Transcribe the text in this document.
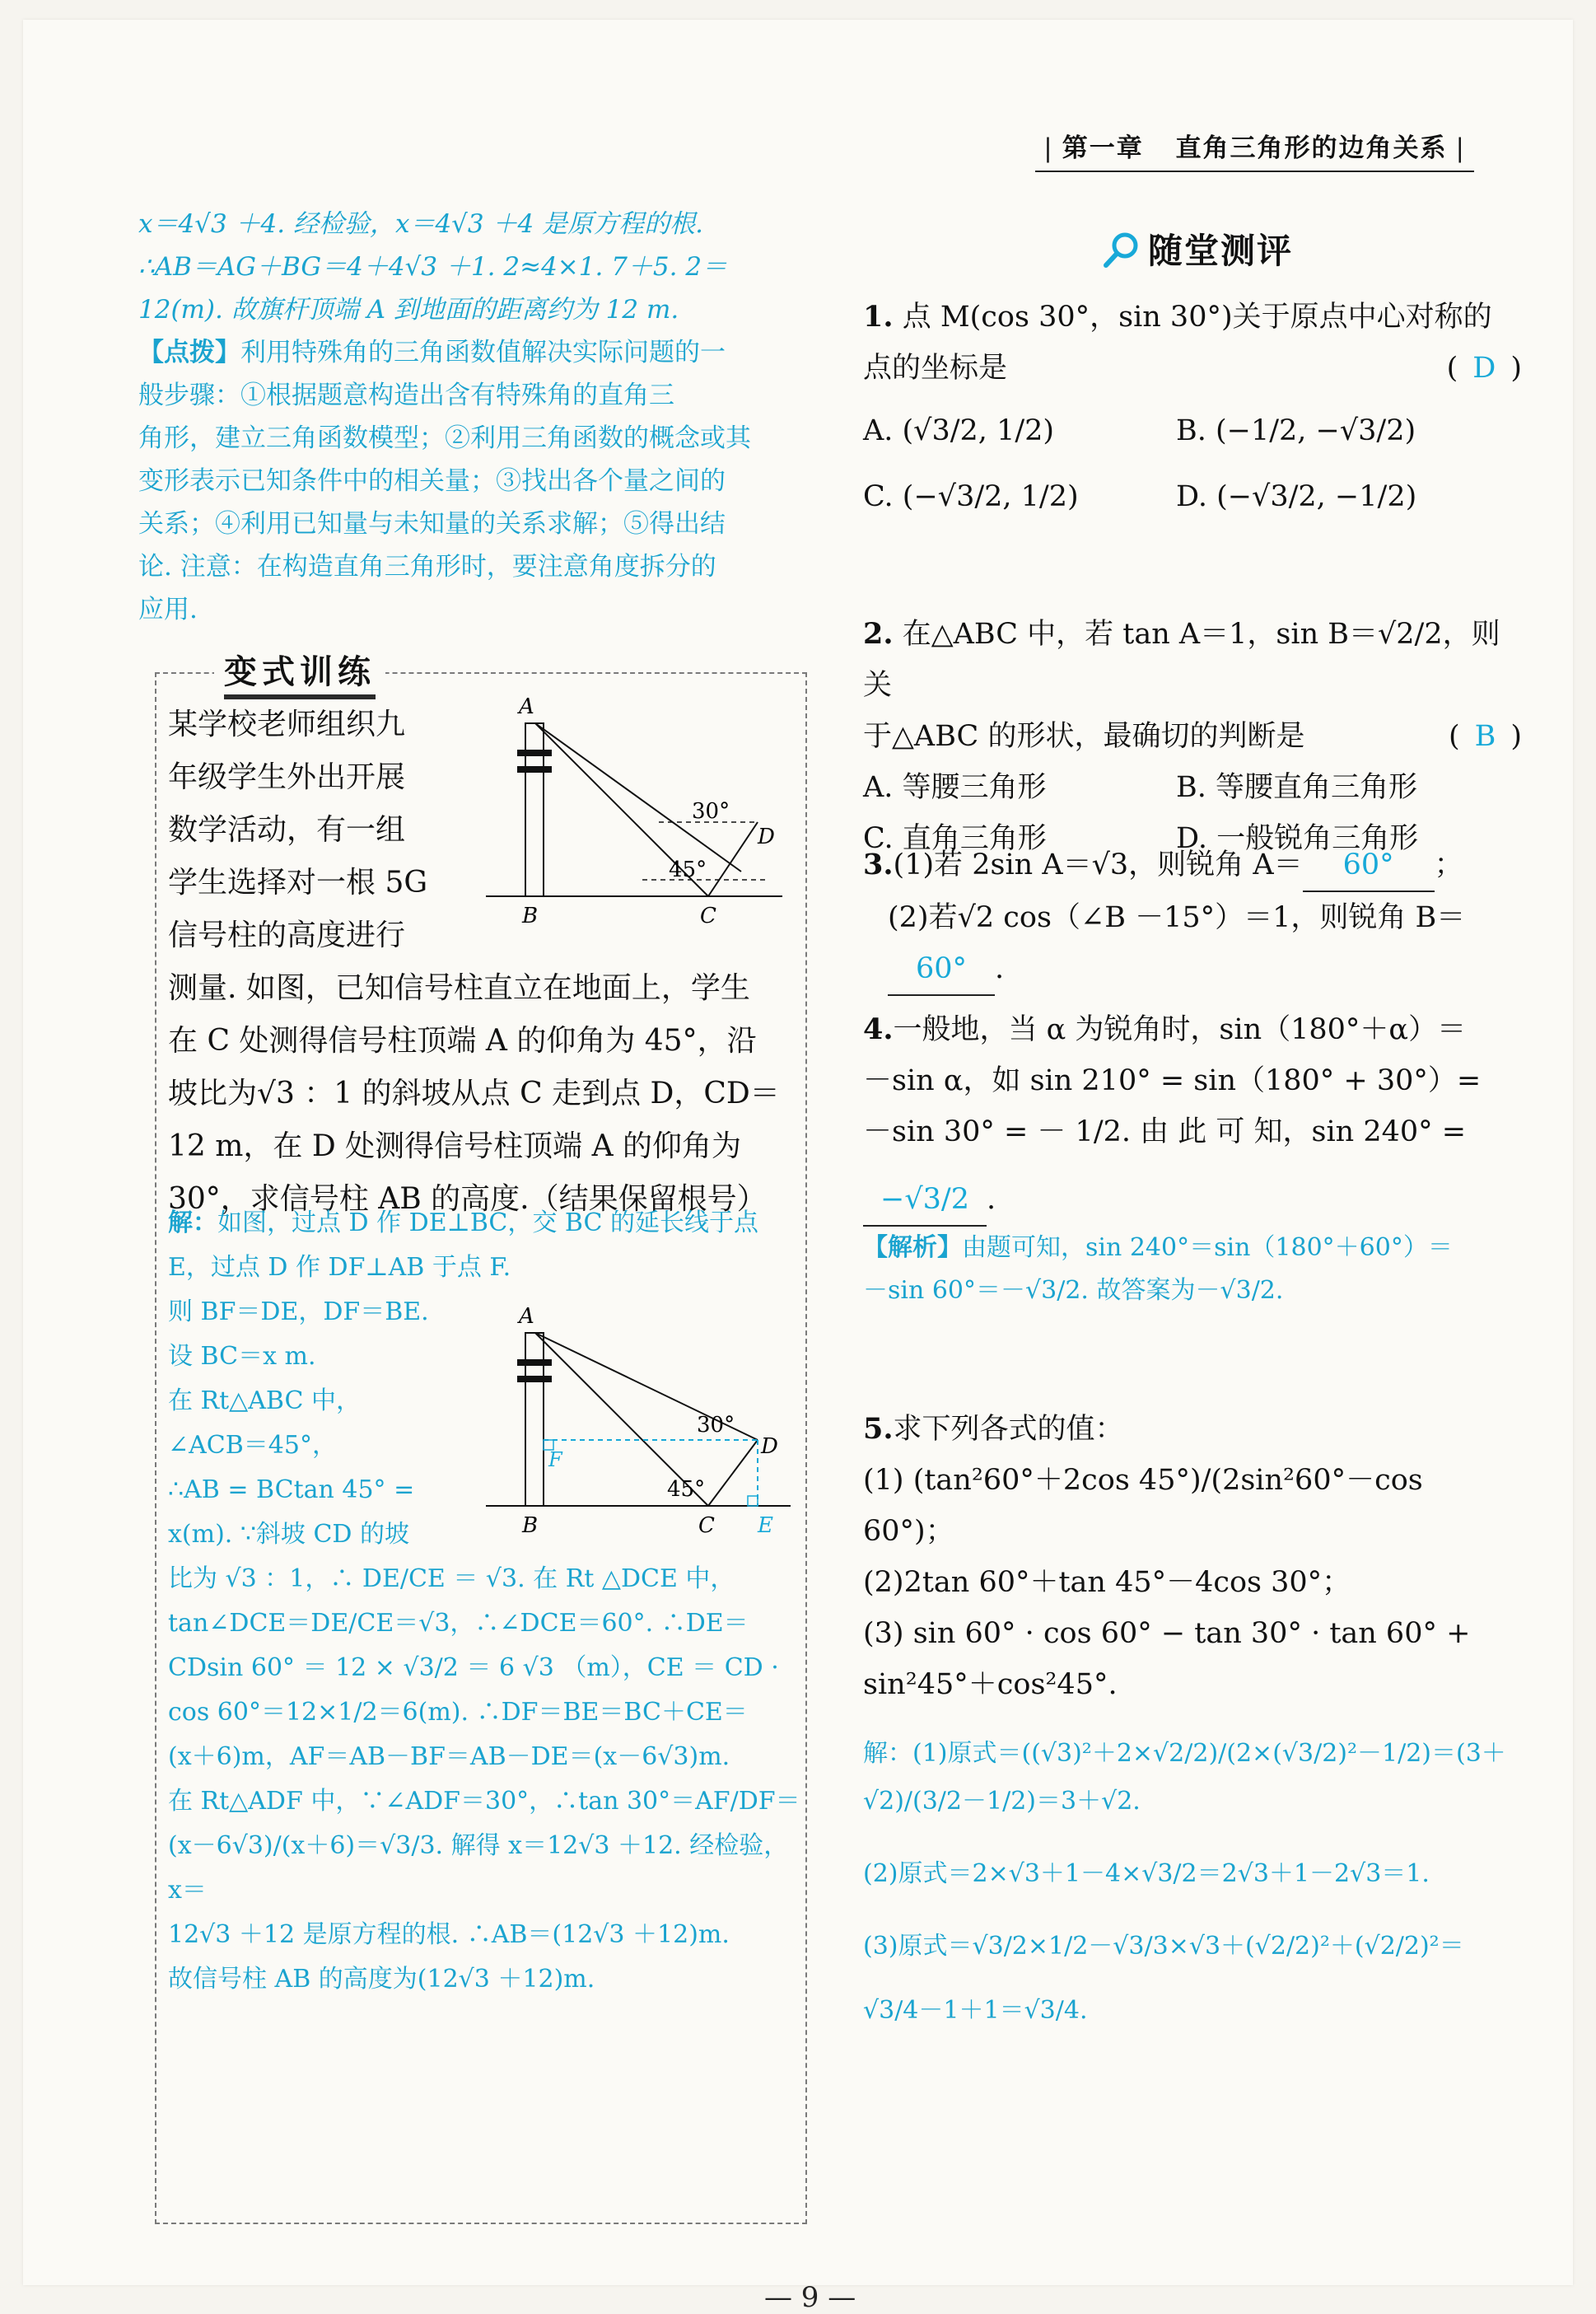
| 第一章 直角三角形的边角关系 |
x＝4√3 ＋4. 经检验，x＝4√3 ＋4 是原方程的根.
∴AB＝AG＋BG＝4＋4√3 ＋1. 2≈4×1. 7＋5. 2＝
12(m). 故旗杆顶端 A 到地面的距离约为 12 m.
【点拨】利用特殊角的三角函数值解决实际问题的一
般步骤：①根据题意构造出含有特殊角的直角三
角形，建立三角函数模型；②利用三角函数的概念或其
变形表示已知条件中的相关量；③找出各个量之间的
关系；④利用已知量与未知量的关系求解；⑤得出结
论. 注意：在构造直角三角形时，要注意角度拆分的
应用.
变式训练
某学校老师组织九
年级学生外出开展
数学活动，有一组
学生选择对一根 5G
信号柱的高度进行
测量. 如图，已知信号柱直立在地面上，学生
在 C 处测得信号柱顶端 A 的仰角为 45°，沿
坡比为√3 ：1 的斜坡从点 C 走到点 D，CD＝
12 m，在 D 处测得信号柱顶端 A 的仰角为
30°，求信号柱 AB 的高度.（结果保留根号）
A
B	C
D
30°
45°
解：如图，过点 D 作 DE⊥BC，交 BC 的延长线于点
E，过点 D 作 DF⊥AB 于点 F.
则 BF＝DE，DF＝BE.
设 BC＝x m.
在 Rt△ABC 中，
∠ACB＝45°，
∴AB = BCtan 45° =
x(m). ∵斜坡 CD 的坡
比为 √3 ：1，∴ DE/CE ＝ √3. 在 Rt △DCE 中，
tan∠DCE＝DE/CE＝√3，∴∠DCE＝60°. ∴DE＝
CDsin 60° ＝ 12 × √3/2 ＝ 6 √3 （m），CE ＝ CD ·
cos 60°＝12×1/2＝6(m). ∴DF＝BE＝BC＋CE＝
(x＋6)m，AF＝AB－BF＝AB－DE＝(x－6√3)m.
在 Rt△ADF 中，∵∠ADF＝30°，∴tan 30°＝AF/DF＝
(x－6√3)/(x＋6)＝√3/3. 解得 x＝12√3 ＋12. 经检验，x＝
12√3 ＋12 是原方程的根. ∴AB＝(12√3 ＋12)m.
故信号柱 AB 的高度为(12√3 ＋12)m.
A
B	C
D
E
F
30°
45°
随堂测评
1. 点 M(cos 30°，sin 30°)关于原点中心对称的
点的坐标是	( D )
A. (√3/2, 1/2)	B. (−1/2, −√3/2)
C. (−√3/2, 1/2)	D. (−√3/2, −1/2)
2. 在△ABC 中，若 tan A＝1，sin B＝√2/2，则关
于△ABC 的形状，最确切的判断是	( B )
A. 等腰三角形	B. 等腰直角三角形
C. 直角三角形	D. 一般锐角三角形
3.(1)若 2sin A＝√3，则锐角 A＝ 60° ；
(2)若√2 cos（∠B －15°）＝1，则锐角 B＝
60° .
4.一般地，当 α 为锐角时，sin（180°＋α）＝
－sin α，如 sin 210° = sin（180° + 30°）=
－sin 30° = － 1/2. 由 此 可 知，sin 240° =
−√3/2 .
【解析】由题可知，sin 240°＝sin（180°＋60°）＝
－sin 60°＝－√3/2. 故答案为－√3/2.
5.求下列各式的值：
(1) (tan²60°＋2cos 45°)/(2sin²60°－cos 60°)；
(2)2tan 60°＋tan 45°－4cos 30°；
(3) sin 60° · cos 60° − tan 30° · tan 60° +
sin²45°＋cos²45°.
解：(1)原式＝((√3)²＋2×√2/2)/(2×(√3/2)²－1/2)＝(3＋√2)/(3/2－1/2)＝3＋√2.
(2)原式＝2×√3＋1－4×√3/2＝2√3＋1－2√3＝1.
(3)原式＝√3/2×1/2－√3/3×√3＋(√2/2)²＋(√2/2)²＝
√3/4－1＋1＝√3/4.
— 9 —
